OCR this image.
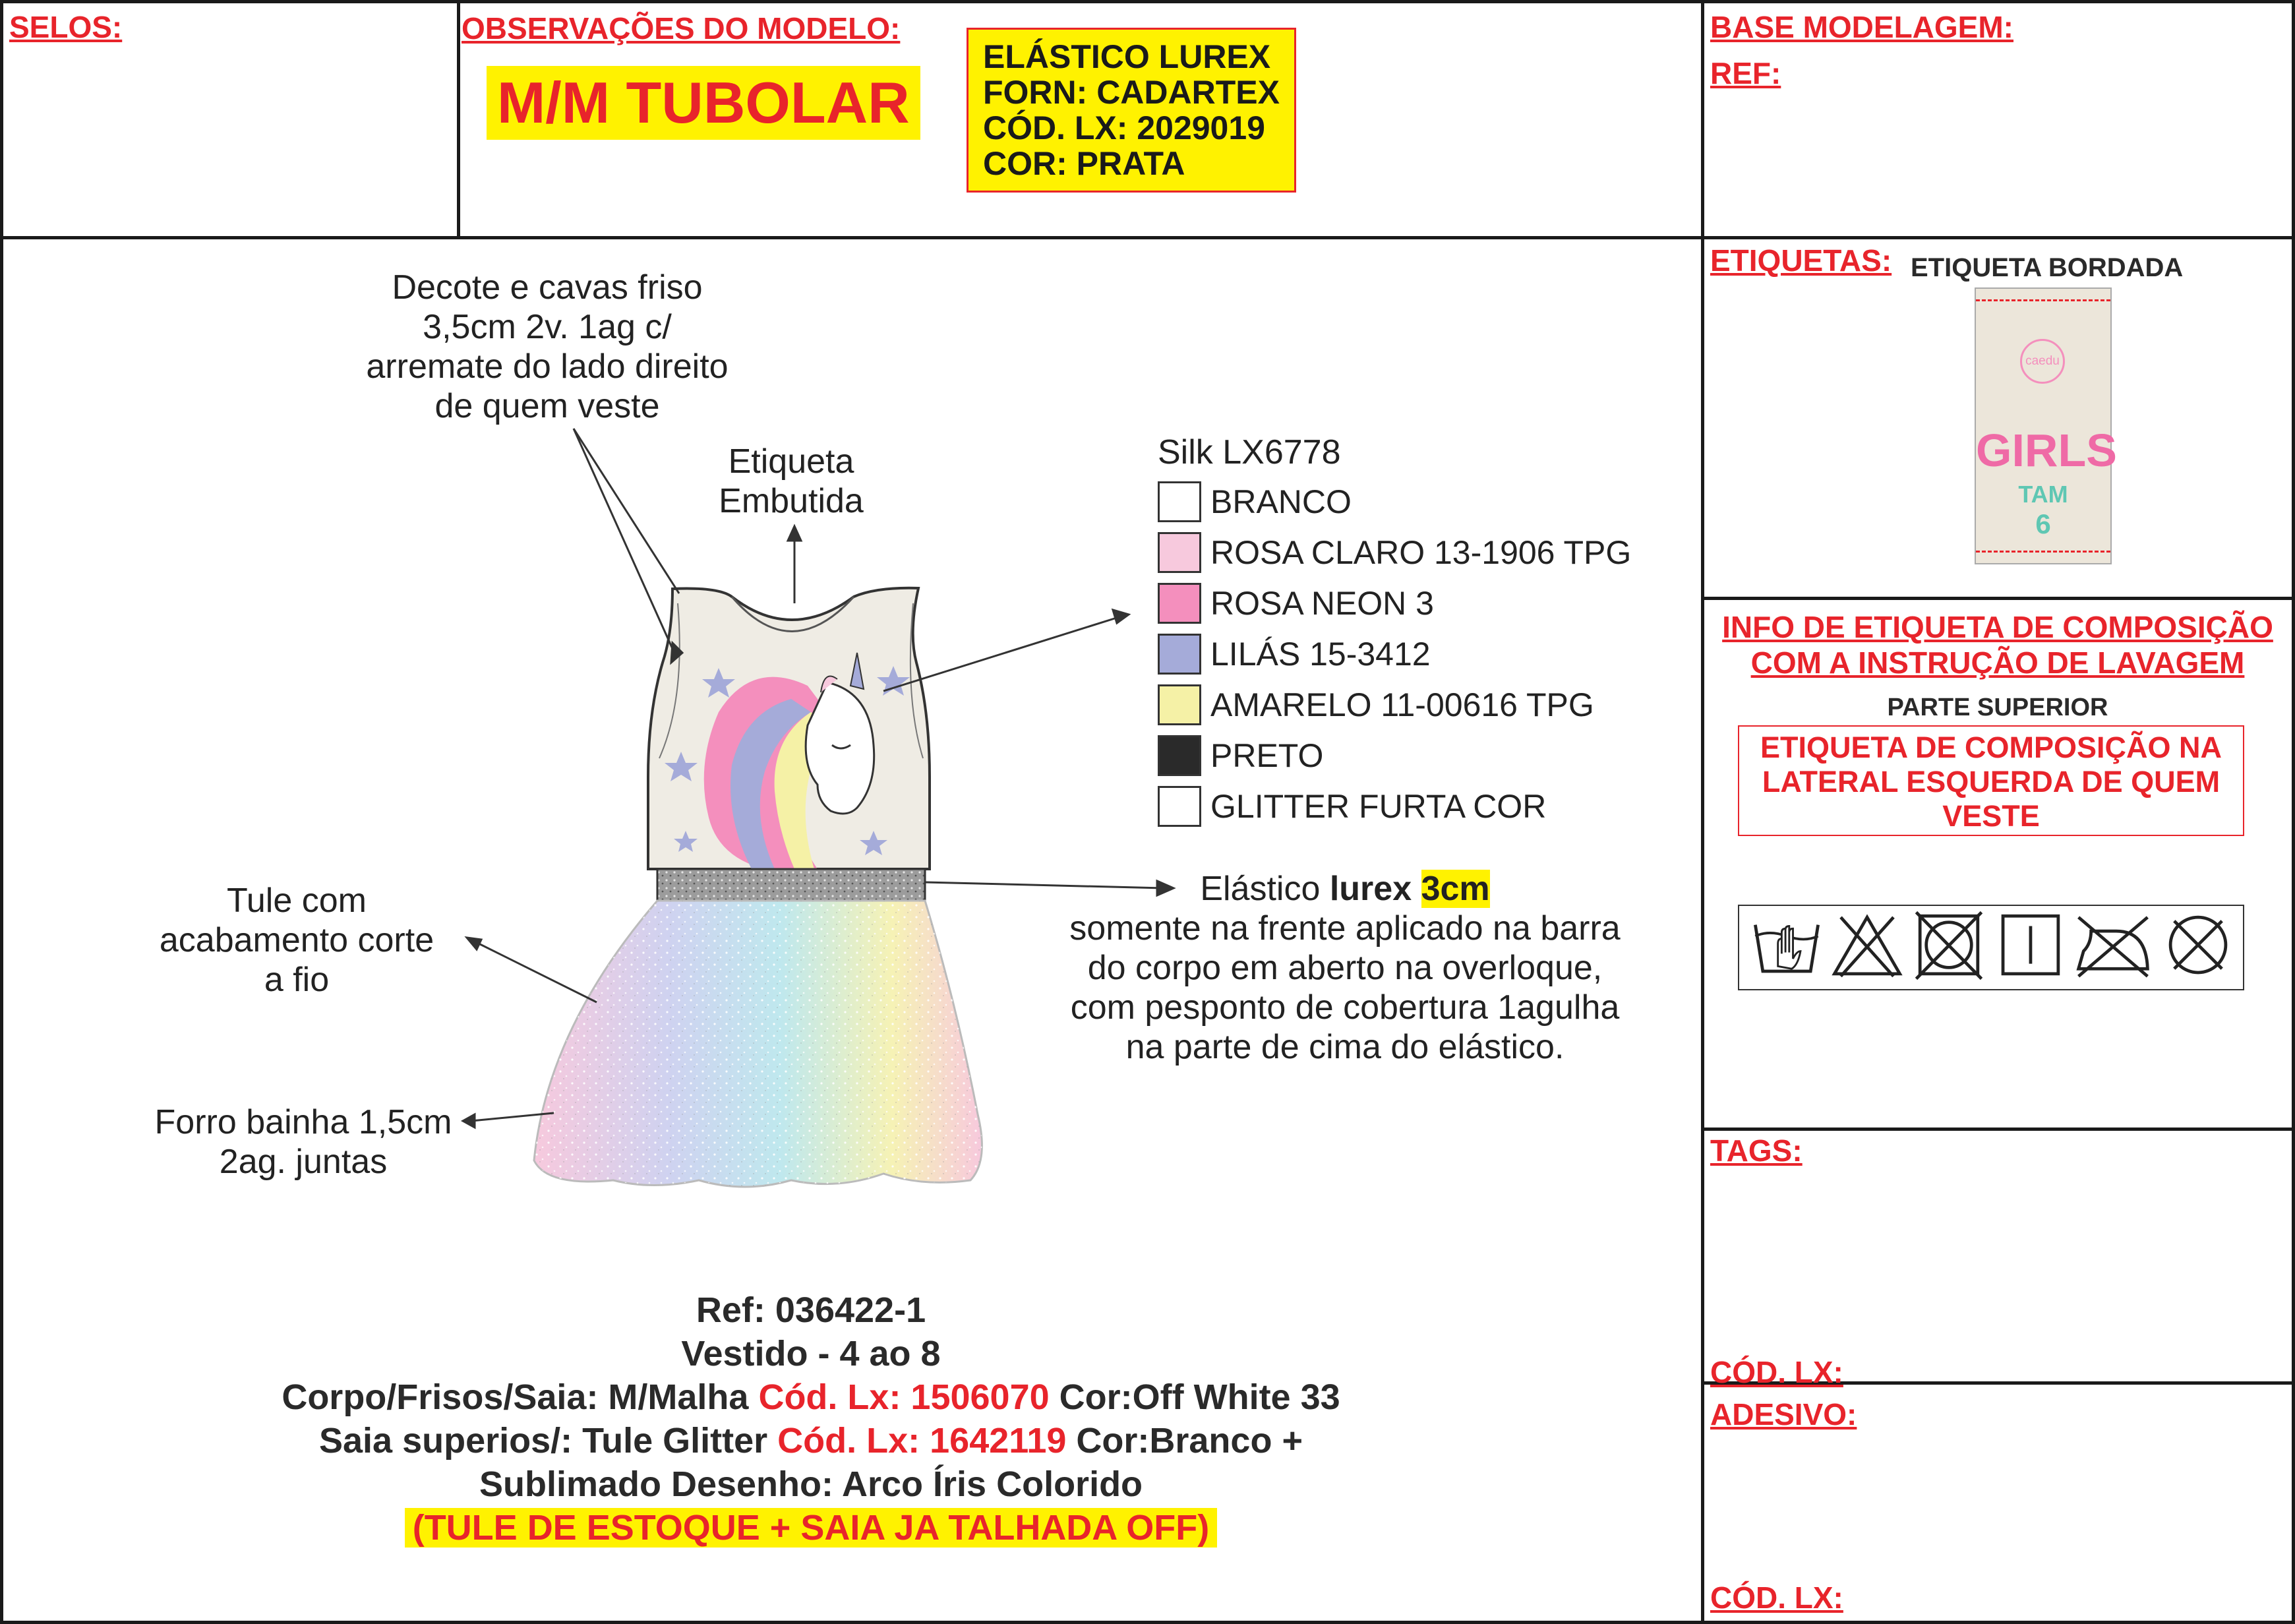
SELOS:	OBSERVAÇÕES DO MODELO:
M/M TUBOLAR
ELÁSTICO LUREX
FORN: CADARTEX
CÓD. LX: 2029019
COR: PRATA
BASE MODELAGEM:
REF:
Decote e cavas friso
3,5cm 2v. 1ag c/
arremate do lado direito
de quem veste
Etiqueta
Embutida
Tule com
acabamento corte
a fio
Forro bainha 1,5cm
2ag. juntas
Elástico lurex 3cm
somente na frente aplicado na barra
do corpo em aberto na overloque,
com pesponto de cobertura 1agulha
na parte de cima do elástico.
Silk LX6778
BRANCO
ROSA CLARO 13-1906 TPG
ROSA NEON 3
LILÁS 15-3412
AMARELO 11-00616 TPG
PRETO
GLITTER FURTA COR
Ref: 036422-1
Vestido - 4 ao 8
Corpo/Frisos/Saia: M/Malha Cód. Lx: 1506070 Cor:Off White 33
Saia superios/: Tule Glitter Cód. Lx: 1642119 Cor:Branco +
Sublimado Desenho: Arco Íris Colorido
(TULE DE ESTOQUE + SAIA JA TALHADA OFF)
ETIQUETAS: ETIQUETA BORDADA
caedu
GIRLS
TAM
6
INFO DE ETIQUETA DE COMPOSIÇÃO
COM A INSTRUÇÃO DE LAVAGEM
PARTE SUPERIOR
ETIQUETA DE COMPOSIÇÃO NA
LATERAL ESQUERDA DE QUEM
VESTE
TAGS:
CÓD. LX:
ADESIVO:
CÓD. LX:
